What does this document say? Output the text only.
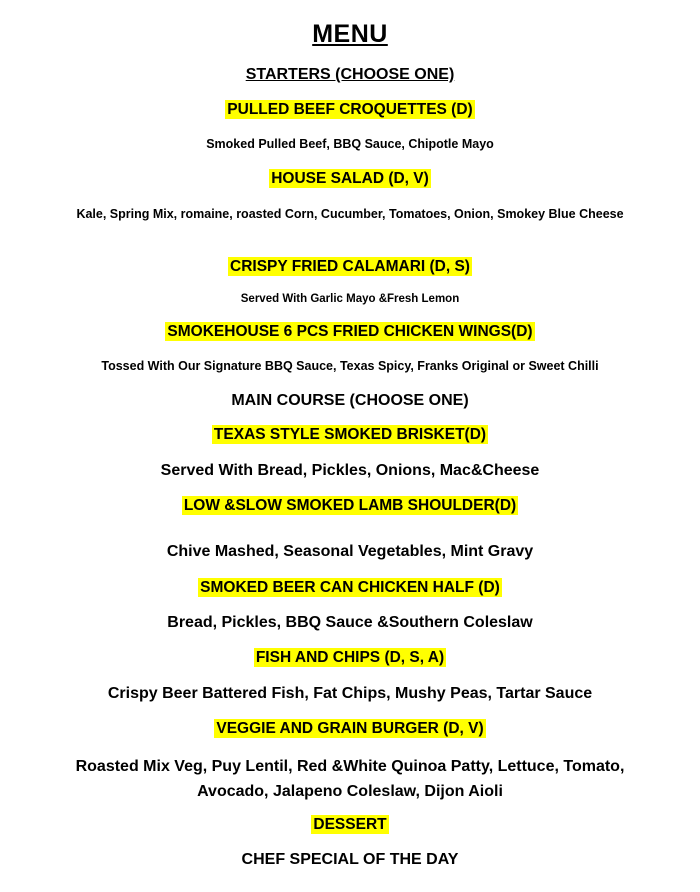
MENU
STARTERS (CHOOSE ONE)
PULLED BEEF CROQUETTES (D)
Smoked Pulled Beef, BBQ Sauce, Chipotle Mayo
HOUSE SALAD (D, V)
Kale, Spring Mix, romaine, roasted Corn, Cucumber, Tomatoes, Onion, Smokey Blue Cheese
CRISPY FRIED CALAMARI (D, S)
Served With Garlic Mayo &Fresh Lemon
SMOKEHOUSE 6 PCS FRIED CHICKEN WINGS(D)
Tossed With Our Signature BBQ Sauce, Texas Spicy, Franks Original or Sweet Chilli
MAIN COURSE (CHOOSE ONE)
TEXAS STYLE SMOKED BRISKET(D)
Served With Bread, Pickles, Onions, Mac&Cheese
LOW &SLOW SMOKED LAMB SHOULDER(D)
Chive Mashed, Seasonal Vegetables, Mint Gravy
SMOKED BEER CAN CHICKEN HALF (D)
Bread, Pickles, BBQ Sauce &Southern Coleslaw
FISH AND CHIPS (D, S, A)
Crispy Beer Battered Fish, Fat Chips, Mushy Peas, Tartar Sauce
VEGGIE AND GRAIN BURGER (D, V)
Roasted Mix Veg, Puy Lentil, Red &White Quinoa Patty, Lettuce, Tomato, Avocado, Jalapeno Coleslaw, Dijon Aioli
DESSERT
CHEF SPECIAL OF THE DAY
